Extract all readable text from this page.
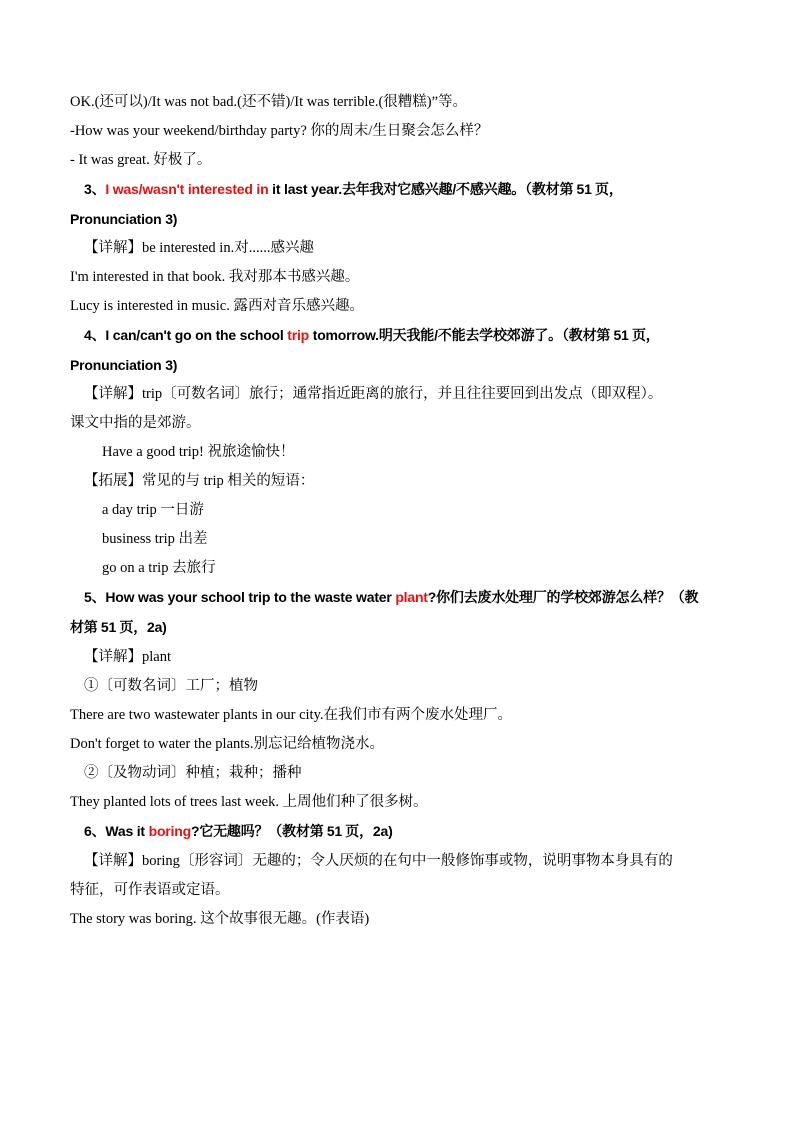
OK.(还可以)/It was not bad.(还不错)/It was terrible.(很糟糕)”等。
-How was your weekend/birthday party? 你的周末/生日聚会怎么样？
- It was great. 好极了。
3、I was/wasn't interested in it last year.去年我对它感兴趣/不感兴趣。（教材第 51 页，
Pronunciation 3)
【详解】be interested in.对......感兴趣
I'm interested in that book. 我对那本书感兴趣。
Lucy is interested in music. 露西对音乐感兴趣。
4、I can/can't go on the school trip tomorrow.明天我能/不能去学校郊游了。（教材第 51 页，
Pronunciation 3)
【详解】trip〔可数名词〕旅行；通常指近距离的旅行，并且往往要回到出发点（即双程）。
课文中指的是郊游。
Have a good trip! 祝旅途愉快！
【拓展】常见的与 trip 相关的短语：
a day trip 一日游
business trip 出差
go on a trip 去旅行
5、How was your school trip to the waste water plant?你们去废水处理厂的学校郊游怎么样？（教
材第 51 页，2a)
【详解】plant
①〔可数名词〕工厂；植物
There are two wastewater plants in our city.在我们市有两个废水处理厂。
Don't forget to water the plants.别忘记给植物浇水。
②〔及物动词〕种植；栽种；播种
They planted lots of trees last week. 上周他们种了很多树。
6、Was it boring?它无趣吗？（教材第 51 页，2a)
【详解】boring〔形容词〕无趣的；令人厌烦的在句中一般修饰事或物，说明事物本身具有的
特征，可作表语或定语。
The story was boring. 这个故事很无趣。(作表语)
